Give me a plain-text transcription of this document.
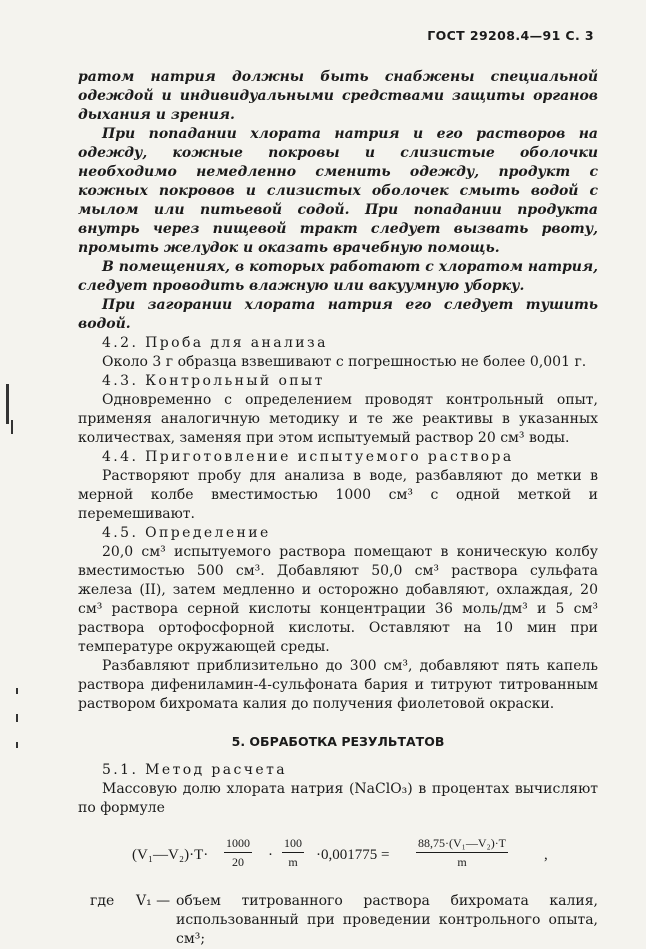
ГОСТ 29208.4—91 С. 3

ратом натрия должны быть снабжены специальной одеждой и индивидуальными средствами защиты органов дыхания и зрения.

При попадании хлората натрия и его растворов на одежду, кожные покровы и слизистые оболочки необходимо немедленно сменить одежду, продукт с кожных покровов и слизистых оболочек смыть водой с мылом или питьевой содой. При попадании продукта внутрь через пищевой тракт следует вызвать рвоту, промыть желудок и оказать врачебную помощь.

В помещениях, в которых работают с хлоратом натрия, следует проводить влажную или вакуумную уборку.

При загорании хлората натрия его следует тушить водой.

4.2. Проба для анализа

Около 3 г образца взвешивают с погрешностью не более 0,001 г.

4.3. Контрольный опыт

Одновременно с определением проводят контрольный опыт, применяя аналогичную методику и те же реактивы в указанных количествах, заменяя при этом испытуемый раствор 20 см³ воды.

4.4. Приготовление испытуемого раствора

Растворяют пробу для анализа в воде, разбавляют до метки в мерной колбе вместимостью 1000 см³ с одной меткой и перемешивают.

4.5. Определение

20,0 см³ испытуемого раствора помещают в коническую колбу вместимостью 500 см³. Добавляют 50,0 см³ раствора сульфата железа (II), затем медленно и осторожно добавляют, охлаждая, 20 см³ раствора серной кислоты концентрации 36 моль/дм³ и 5 см³ раствора ортофосфорной кислоты. Оставляют на 10 мин при температуре окружающей среды.

Разбавляют приблизительно до 300 см³, добавляют пять капель раствора дифениламин-4-сульфоната бария и титруют титрованным раствором бихромата калия до получения фиолетовой окраски.

5. ОБРАБОТКА РЕЗУЛЬТАТОВ

5.1. Метод расчета

Массовую долю хлората натрия (NaClO₃) в процентах вычисляют по формуле

(V₁—V₂)·T· $\frac{1000}{20} \cdot \frac{100}{m} \cdot 0,001775 = \frac{\text{88,75·(V₁—V₂)·T}}{m}$ ,
где V₁ — объем титрованного раствора бихромата калия, использованный при проведении контрольного опыта, см³;
